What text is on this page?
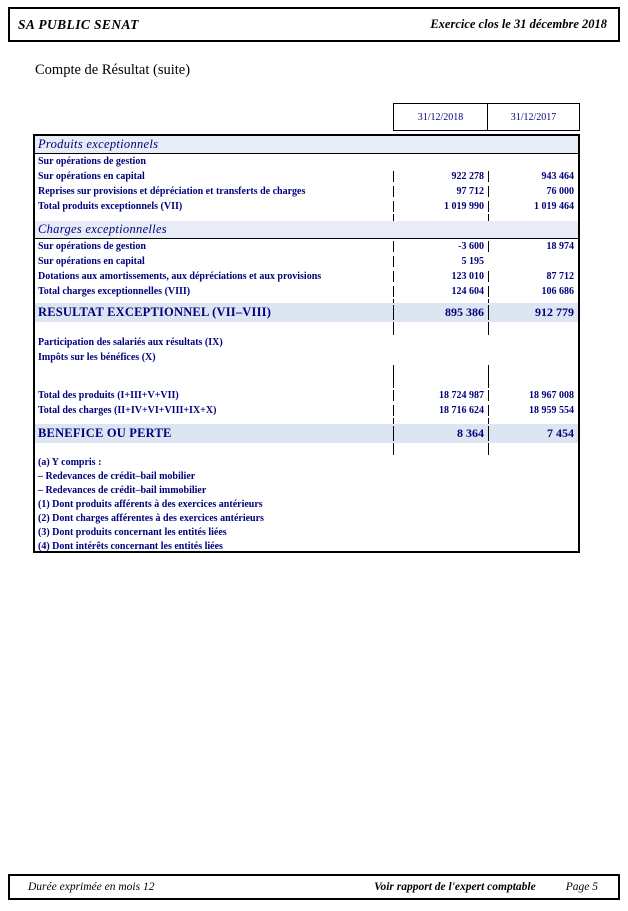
SA PUBLIC SENAT	Exercice clos le 31 décembre 2018
Compte de Résultat (suite)
31/12/2018	31/12/2017
Produits exceptionnels
Sur opérations de gestion
Sur opérations en capital	922 278	943 464
Reprises sur provisions et dépréciation et transferts de charges	97 712	76 000
Total produits exceptionnels (VII)	1 019 990	1 019 464
Charges exceptionnelles
Sur opérations de gestion	-3 600	18 974
Sur opérations en capital	5 195
Dotations aux amortissements, aux dépréciations et aux provisions	123 010	87 712
Total charges exceptionnelles (VIII)	124 604	106 686
RESULTAT EXCEPTIONNEL (VII–VIII)	895 386	912 779
Participation des salariés aux résultats (IX)
Impôts sur les bénéfices (X)
Total des produits (I+III+V+VII)	18 724 987	18 967 008
Total des charges (II+IV+VI+VIII+IX+X)	18 716 624	18 959 554
BENEFICE OU PERTE	8 364	7 454
(a) Y compris :
– Redevances de crédit–bail mobilier
– Redevances de crédit–bail immobilier
(1) Dont produits afférents à des exercices antérieurs
(2) Dont charges afférentes à des exercices antérieurs
(3) Dont produits concernant les entités liées
(4) Dont intérêts concernant les entités liées
Durée exprimée en mois 12	Voir rapport de l'expert comptable	Page 5
